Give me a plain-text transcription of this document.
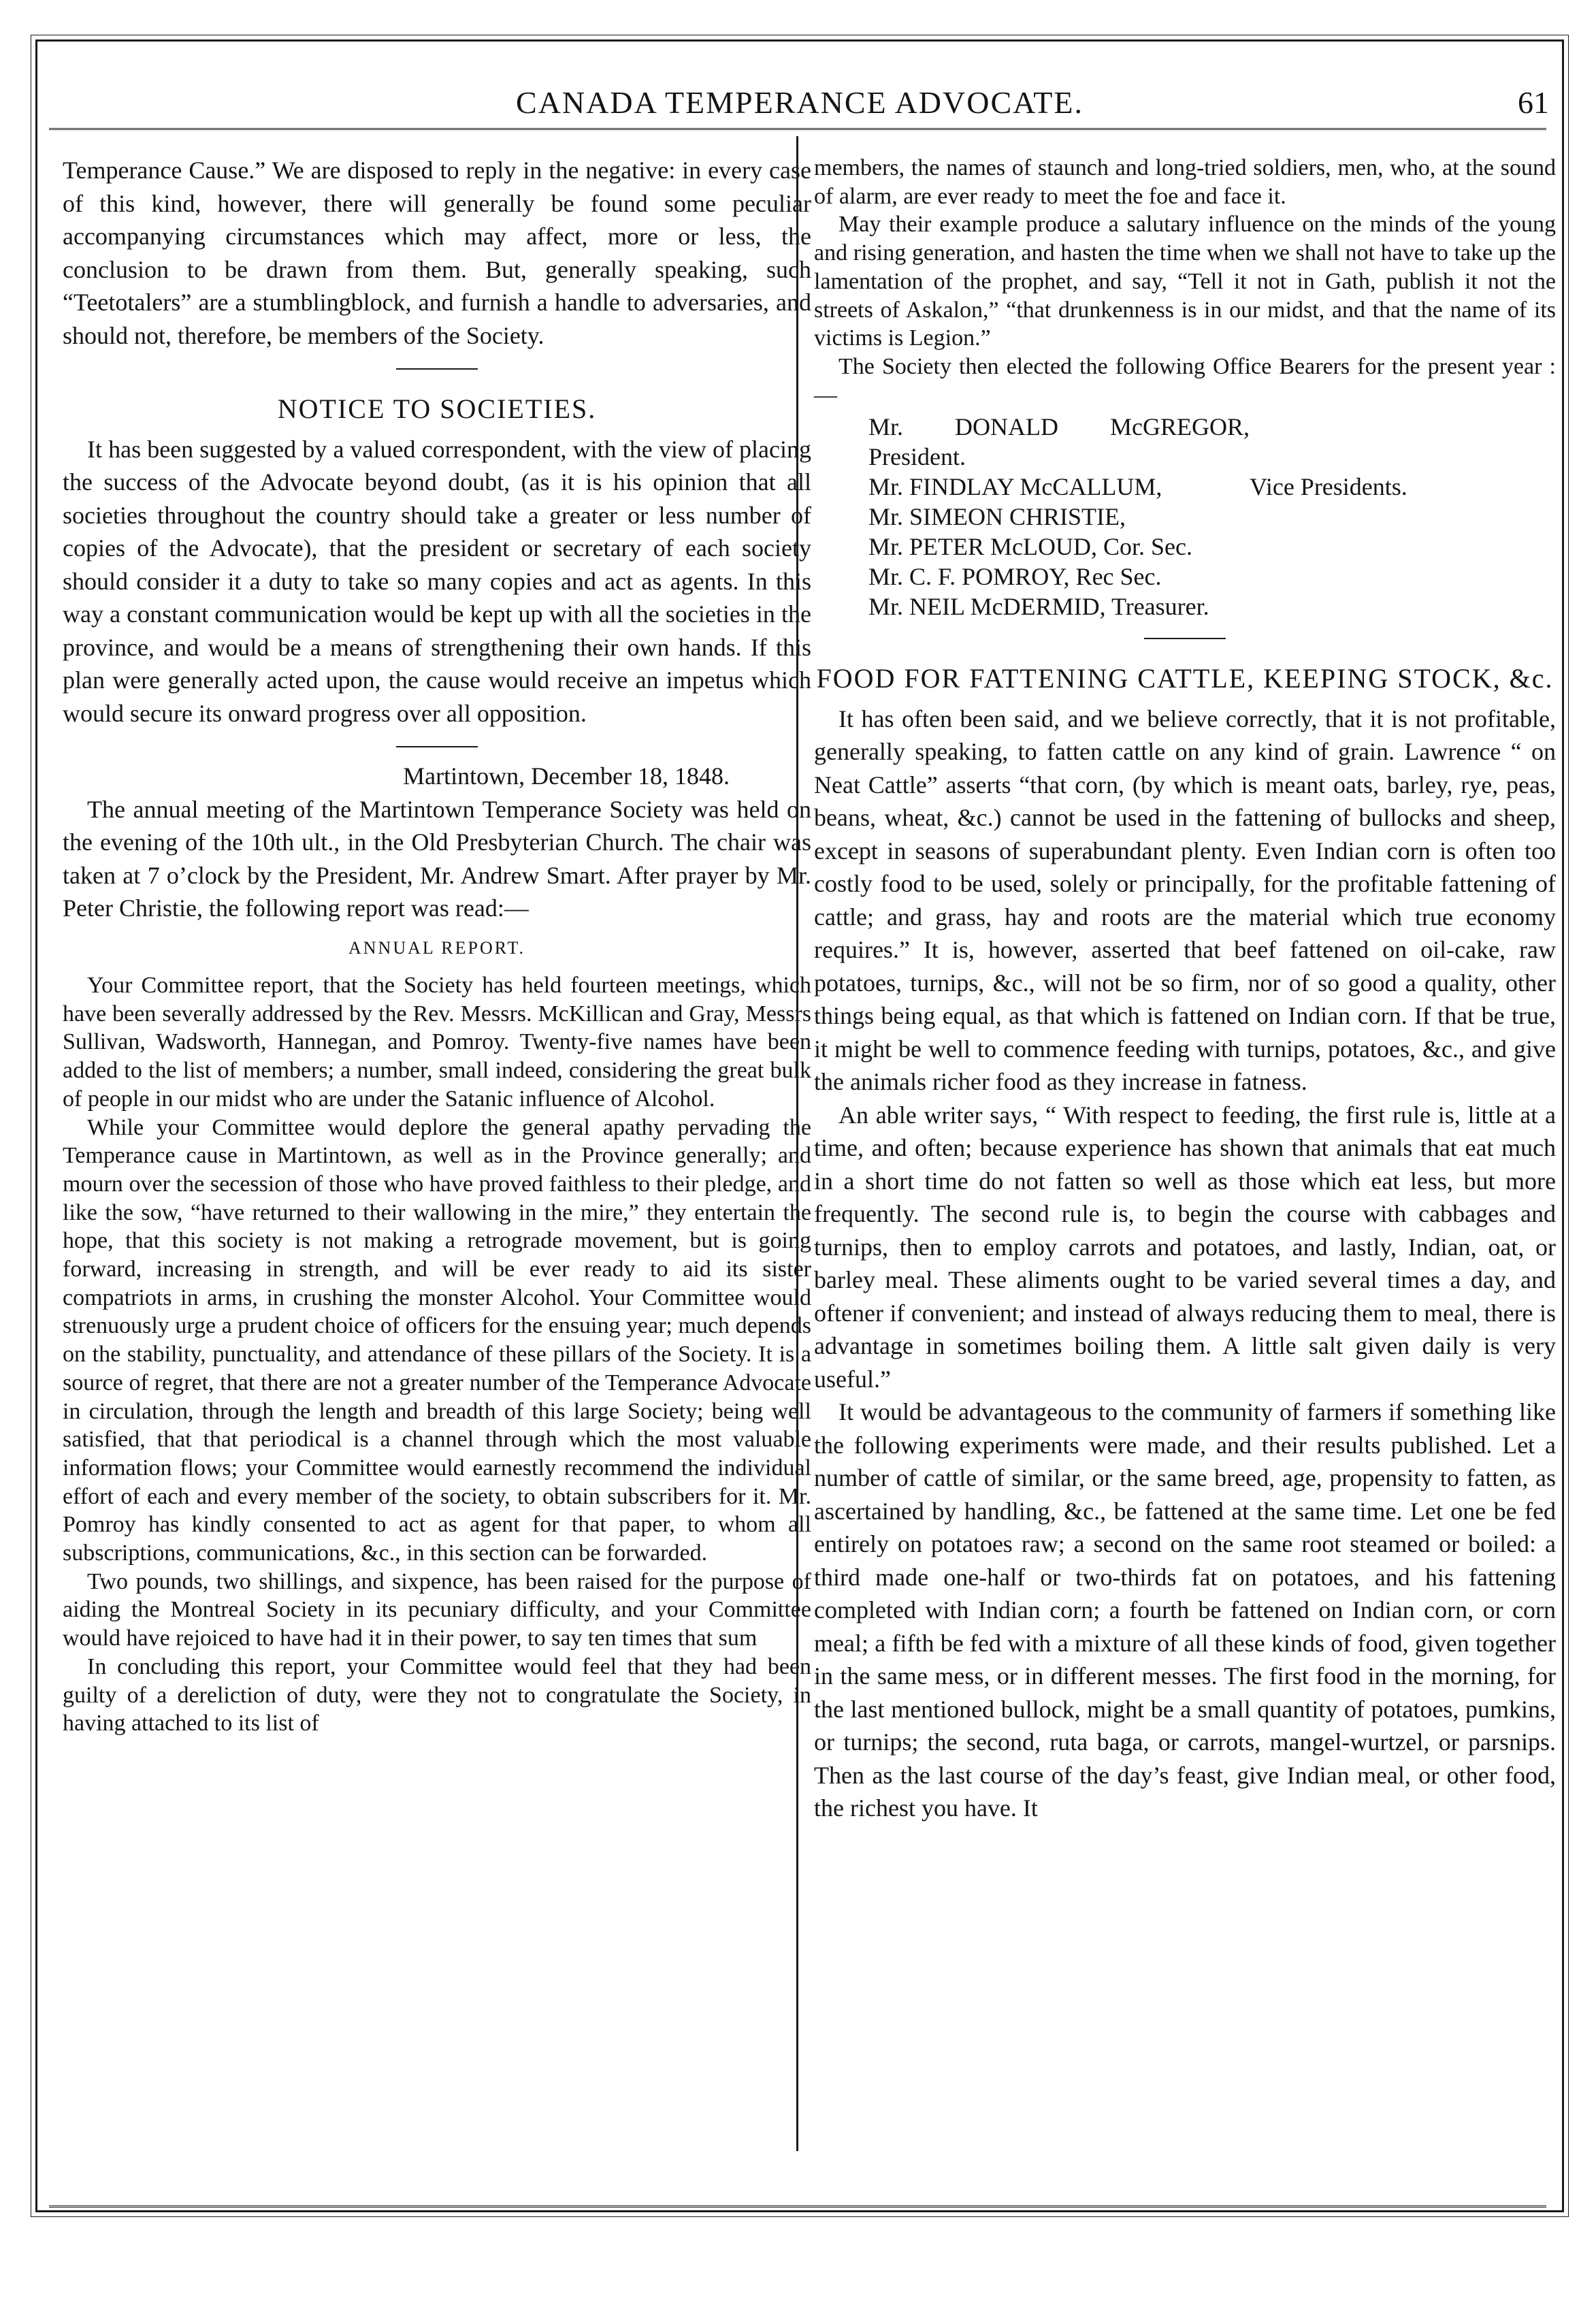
CANADA TEMPERANCE ADVOCATE.	61

Temperance Cause.” We are disposed to reply in the negative: in every case of this kind, however, there will generally be found some peculiar accompanying circumstances which may affect, more or less, the conclusion to be drawn from them. But, generally speaking, such “Teetotalers” are a stumblingblock, and furnish a handle to adversaries, and should not, therefore, be members of the Society.

NOTICE TO SOCIETIES.

It has been suggested by a valued correspondent, with the view of placing the success of the Advocate beyond doubt, (as it is his opinion that all societies throughout the country should take a greater or less number of copies of the Advocate), that the president or secretary of each society should consider it a duty to take so many copies and act as agents. In this way a constant communication would be kept up with all the societies in the province, and would be a means of strengthening their own hands. If this plan were generally acted upon, the cause would receive an impetus which would secure its onward progress over all opposition.

Martintown, December 18, 1848.

The annual meeting of the Martintown Temperance Society was held on the evening of the 10th ult., in the Old Presbyterian Church. The chair was taken at 7 o’clock by the President, Mr. Andrew Smart. After prayer by Mr. Peter Christie, the following report was read:—

ANNUAL REPORT.

Your Committee report, that the Society has held fourteen meetings, which have been severally addressed by the Rev. Messrs. McKillican and Gray, Messrs Sullivan, Wadsworth, Hannegan, and Pomroy. Twenty-five names have been added to the list of members; a number, small indeed, considering the great bulk of people in our midst who are under the Satanic influence of Alcohol.

While your Committee would deplore the general apathy pervading the Temperance cause in Martintown, as well as in the Province generally; and mourn over the secession of those who have proved faithless to their pledge, and like the sow, “have returned to their wallowing in the mire,” they entertain the hope, that this society is not making a retrograde movement, but is going forward, increasing in strength, and will be ever ready to aid its sister compatriots in arms, in crushing the monster Alcohol. Your Committee would strenuously urge a prudent choice of officers for the ensuing year; much depends on the stability, punctuality, and attendance of these pillars of the Society. It is a source of regret, that there are not a greater number of the Temperance Advocate in circulation, through the length and breadth of this large Society; being well satisfied, that that periodical is a channel through which the most valuable information flows; your Committee would earnestly recommend the individual effort of each and every member of the society, to obtain subscribers for it. Mr. Pomroy has kindly consented to act as agent for that paper, to whom all subscriptions, communications, &c., in this section can be forwarded.

Two pounds, two shillings, and sixpence, has been raised for the purpose of aiding the Montreal Society in its pecuniary difficulty, and your Committee would have rejoiced to have had it in their power, to say ten times that sum

In concluding this report, your Committee would feel that they had been guilty of a dereliction of duty, were they not to congratulate the Society, in having attached to its list of

members, the names of staunch and long-tried soldiers, men, who, at the sound of alarm, are ever ready to meet the foe and face it.

May their example produce a salutary influence on the minds of the young and rising generation, and hasten the time when we shall not have to take up the lamentation of the prophet, and say, “Tell it not in Gath, publish it not the streets of Askalon,” “that drunkenness is in our midst, and that the name of its victims is Legion.”

The Society then elected the following Office Bearers for the present year :—

Mr. DONALD McGREGOR, President.
Mr. FINDLAY McCALLUM,	Vice Presidents.
Mr. SIMEON CHRISTIE,
Mr. PETER McLOUD, Cor. Sec.
Mr. C. F. POMROY, Rec Sec.
Mr. NEIL McDERMID, Treasurer.
FOOD FOR FATTENING CATTLE, KEEPING STOCK, &c.

It has often been said, and we believe correctly, that it is not profitable, generally speaking, to fatten cattle on any kind of grain. Lawrence “ on Neat Cattle” asserts “that corn, (by which is meant oats, barley, rye, peas, beans, wheat, &c.) cannot be used in the fattening of bullocks and sheep, except in seasons of superabundant plenty. Even Indian corn is often too costly food to be used, solely or principally, for the profitable fattening of cattle; and grass, hay and roots are the material which true economy requires.” It is, however, asserted that beef fattened on oil-cake, raw potatoes, turnips, &c., will not be so firm, nor of so good a quality, other things being equal, as that which is fattened on Indian corn. If that be true, it might be well to commence feeding with turnips, potatoes, &c., and give the animals richer food as they increase in fatness.

An able writer says, “ With respect to feeding, the first rule is, little at a time, and often; because experience has shown that animals that eat much in a short time do not fatten so well as those which eat less, but more frequently. The second rule is, to begin the course with cabbages and turnips, then to employ carrots and potatoes, and lastly, Indian, oat, or barley meal. These aliments ought to be varied several times a day, and oftener if convenient; and instead of always reducing them to meal, there is advantage in sometimes boiling them. A little salt given daily is very useful.”

It would be advantageous to the community of farmers if something like the following experiments were made, and their results published. Let a number of cattle of similar, or the same breed, age, propensity to fatten, as ascertained by handling, &c., be fattened at the same time. Let one be fed entirely on potatoes raw; a second on the same root steamed or boiled: a third made one-half or two-thirds fat on potatoes, and his fattening completed with Indian corn; a fourth be fattened on Indian corn, or corn meal; a fifth be fed with a mixture of all these kinds of food, given together in the same mess, or in different messes. The first food in the morning, for the last mentioned bullock, might be a small quantity of potatoes, pumkins, or turnips; the second, ruta baga, or carrots, mangel-wurtzel, or parsnips. Then as the last course of the day’s feast, give Indian meal, or other food, the richest you have. It
